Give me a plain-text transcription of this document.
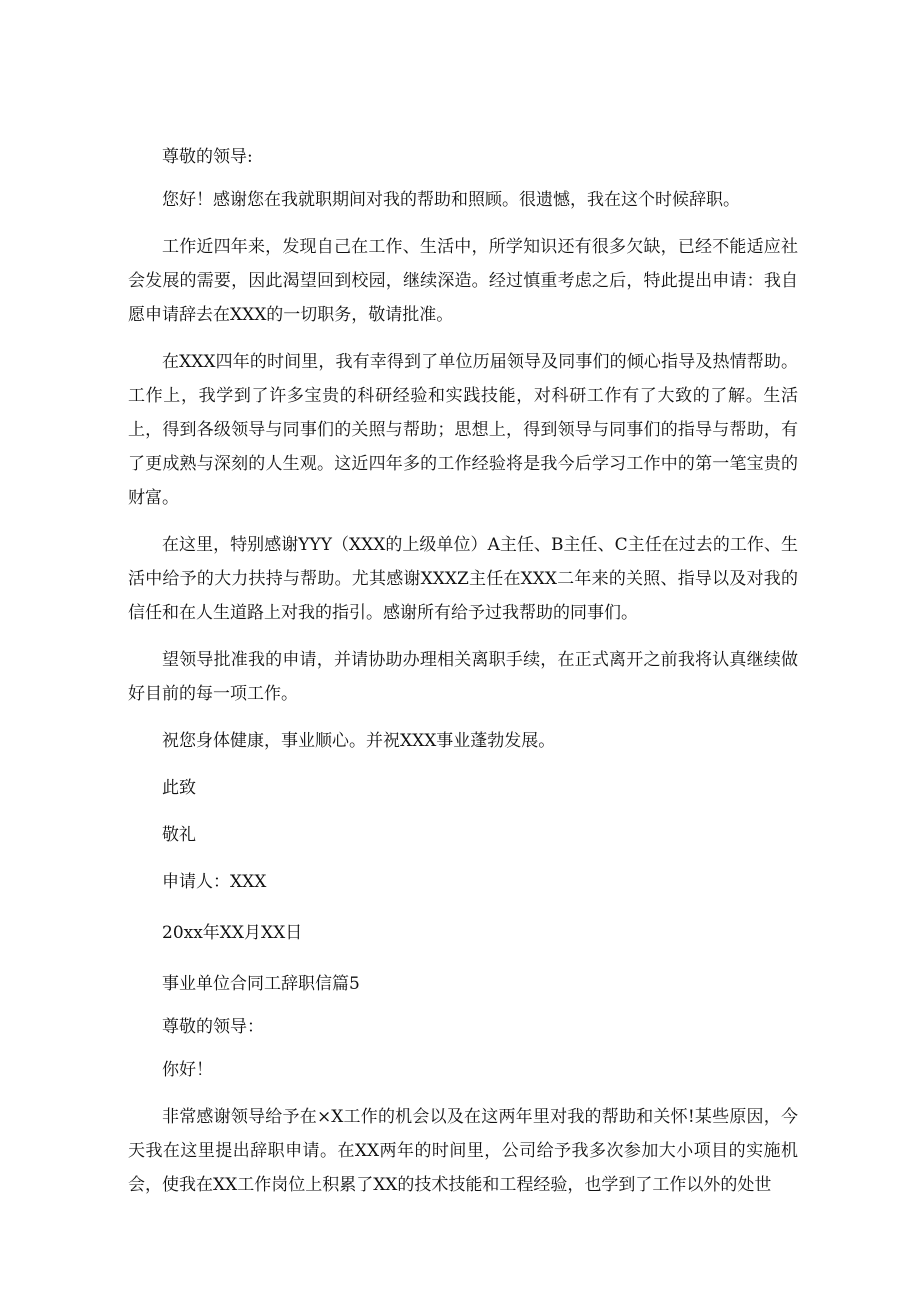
尊敬的领导:

您好！感谢您在我就职期间对我的帮助和照顾。很遗憾，我在这个时候辞职。

工作近四年来，发现自己在工作、生活中，所学知识还有很多欠缺，已经不能适应社会发展的需要，因此渴望回到校园，继续深造。经过慎重考虑之后，特此提出申请：我自愿申请辞去在XXX的一切职务，敬请批准。

在XXX四年的时间里，我有幸得到了单位历届领导及同事们的倾心指导及热情帮助。工作上，我学到了许多宝贵的科研经验和实践技能，对科研工作有了大致的了解。生活上，得到各级领导与同事们的关照与帮助；思想上，得到领导与同事们的指导与帮助，有了更成熟与深刻的人生观。这近四年多的工作经验将是我今后学习工作中的第一笔宝贵的财富。

在这里，特别感谢YYY（XXX的上级单位）A主任、B主任、C主任在过去的工作、生活中给予的大力扶持与帮助。尤其感谢XXXZ主任在XXX二年来的关照、指导以及对我的信任和在人生道路上对我的指引。感谢所有给予过我帮助的同事们。

望领导批准我的申请，并请协助办理相关离职手续，在正式离开之前我将认真继续做好目前的每一项工作。

祝您身体健康，事业顺心。并祝XXX事业蓬勃发展。

此致

敬礼

申请人：XXX

20xx年XX月XX日

事业单位合同工辞职信篇5

尊敬的领导：

你好！

非常感谢领导给予在×X工作的机会以及在这两年里对我的帮助和关怀!某些原因，今天我在这里提出辞职申请。在XX两年的时间里，公司给予我多次参加大小项目的实施机会，使我在XX工作岗位上积累了XX的技术技能和工程经验，也学到了工作以外的处世
